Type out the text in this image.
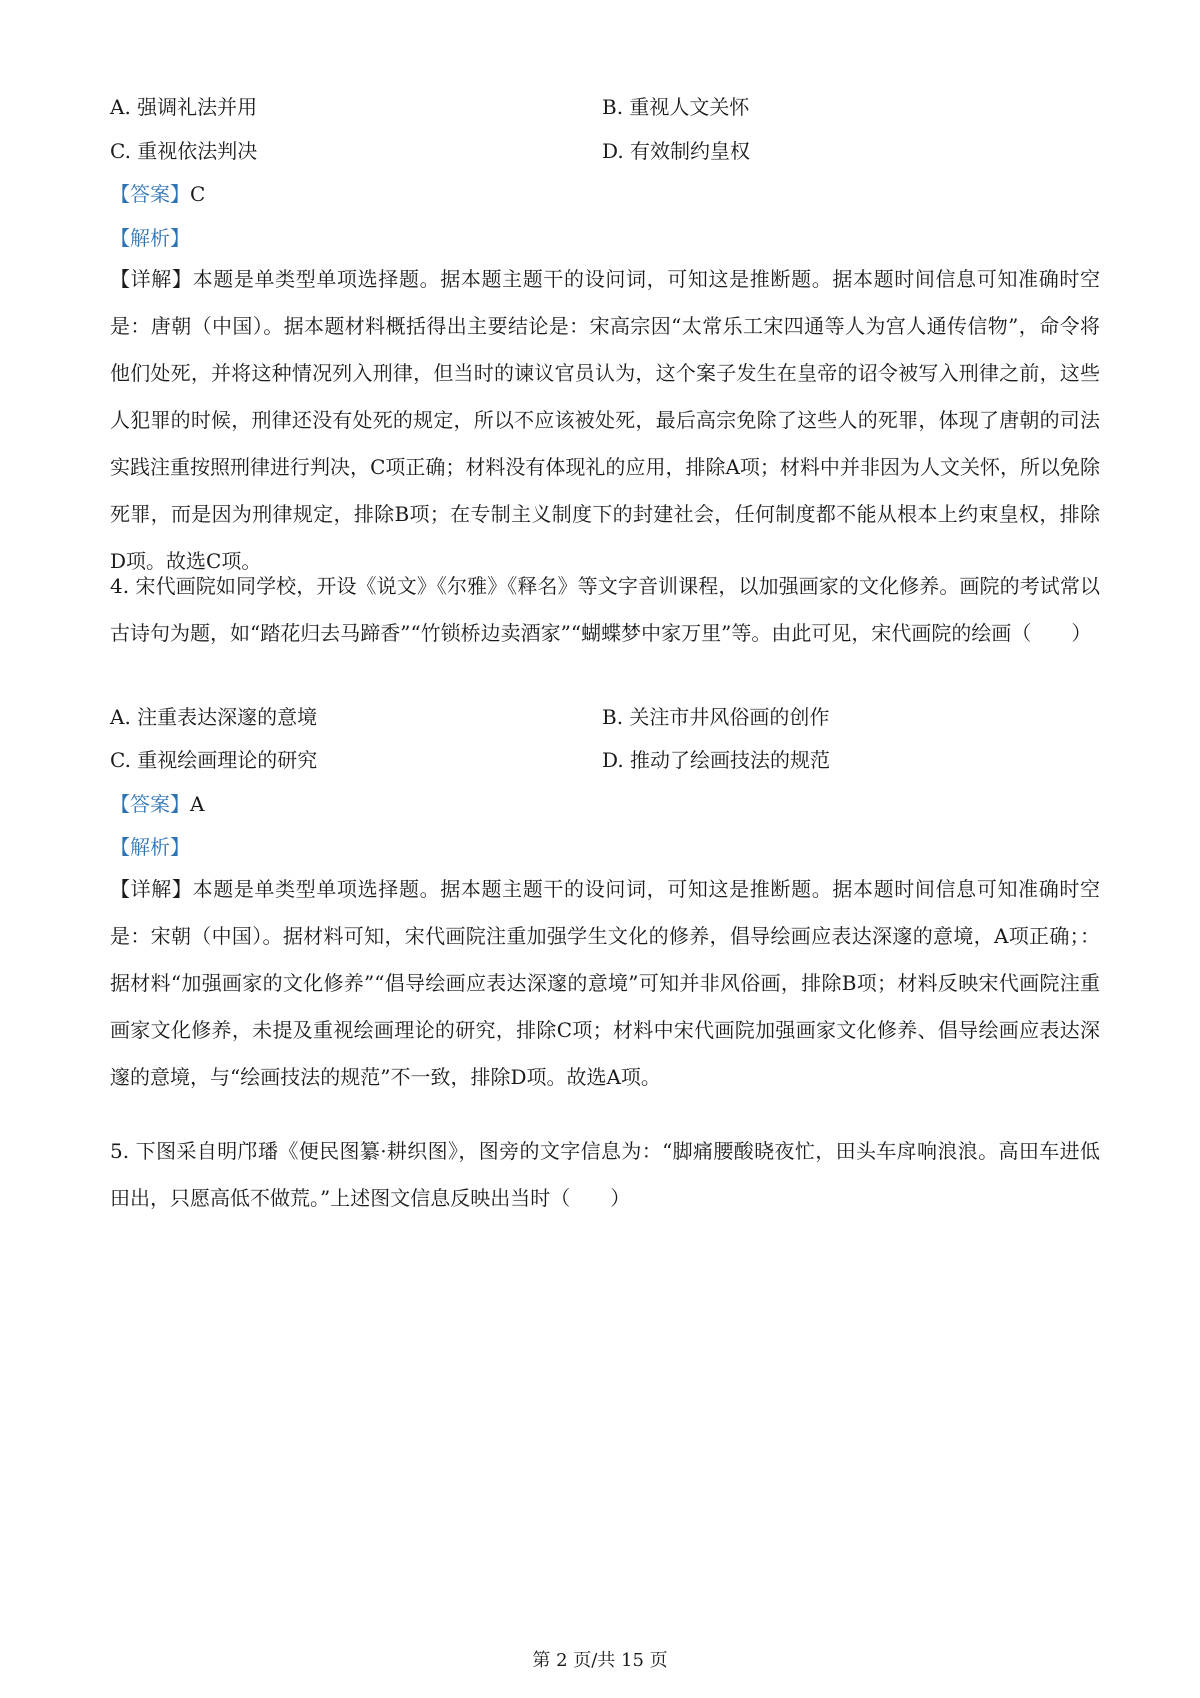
A. 强调礼法并用	B. 重视人文关怀
C. 重视依法判决	D. 有效制约皇权
【答案】C
【解析】

【详解】本题是单类型单项选择题。据本题主题干的设问词，可知这是推断题。据本题时间信息可知准确时空是：唐朝（中国）。据本题材料概括得出主要结论是：宋高宗因“太常乐工宋四通等人为宫人通传信物”，命令将他们处死，并将这种情况列入刑律，但当时的谏议官员认为，这个案子发生在皇帝的诏令被写入刑律之前，这些人犯罪的时候，刑律还没有处死的规定，所以不应该被处死，最后高宗免除了这些人的死罪，体现了唐朝的司法实践注重按照刑律进行判决，C项正确；材料没有体现礼的应用，排除A项；材料中并非因为人文关怀，所以免除死罪，而是因为刑律规定，排除B项；在专制主义制度下的封建社会，任何制度都不能从根本上约束皇权，排除D项。故选C项。

4. 宋代画院如同学校，开设《说文》《尔雅》《释名》等文字音训课程，以加强画家的文化修养。画院的考试常以古诗句为题，如“踏花归去马蹄香”“竹锁桥边卖酒家”“蝴蝶梦中家万里”等。由此可见，宋代画院的绘画（　　）

A. 注重表达深邃的意境	B. 关注市井风俗画的创作
C. 重视绘画理论的研究	D. 推动了绘画技法的规范
【答案】A
【解析】

【详解】本题是单类型单项选择题。据本题主题干的设问词，可知这是推断题。据本题时间信息可知准确时空是：宋朝（中国）。据材料可知，宋代画院注重加强学生文化的修养，倡导绘画应表达深邃的意境，A项正确；：据材料“加强画家的文化修养”“倡导绘画应表达深邃的意境”可知并非风俗画，排除B项；材料反映宋代画院注重画家文化修养，未提及重视绘画理论的研究，排除C项；材料中宋代画院加强画家文化修养、倡导绘画应表达深邃的意境，与“绘画技法的规范”不一致，排除D项。故选A项。

5. 下图采自明邝璠《便民图纂·耕织图》，图旁的文字信息为：“脚痛腰酸晓夜忙，田头车戽响浪浪。高田车进低田出，只愿高低不做荒。”上述图文信息反映出当时（　　）

第 2 页/共 15 页
